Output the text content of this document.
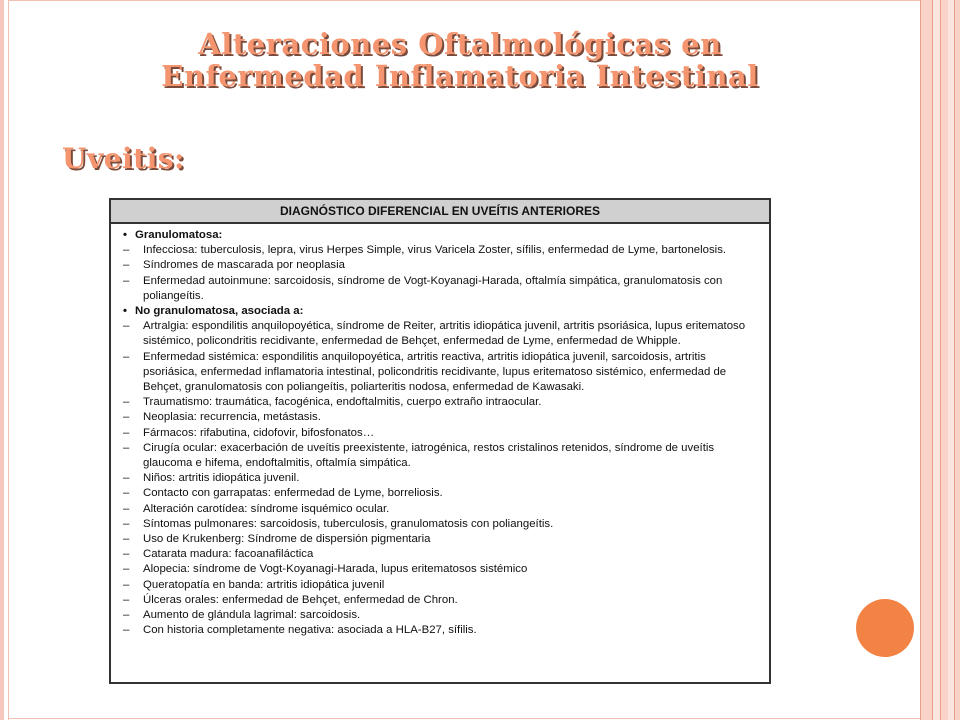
Alteraciones Oftalmológicas en
Enfermedad Inflamatoria Intestinal
Uveitis:
DIAGNÓSTICO DIFERENCIAL EN UVEÍTIS ANTERIORES
• Granulomatosa:
– Infecciosa: tuberculosis, lepra, virus Herpes Simple, virus Varicela Zoster, sífilis, enfermedad de Lyme, bartonelosis.
– Síndromes de mascarada por neoplasia
– Enfermedad autoinmune: sarcoidosis, síndrome de Vogt-Koyanagi-Harada, oftalmía simpática, granulomatosis con poliangeítis.
• No granulomatosa, asociada a:
– Artralgia: espondilitis anquilopoyética, síndrome de Reiter, artritis idiopática juvenil, artritis psoriásica, lupus eritematoso sistémico, policondritis recidivante, enfermedad de Behçet, enfermedad de Lyme, enfermedad de Whipple.
– Enfermedad sistémica: espondilitis anquilopoyética, artritis reactiva, artritis idiopática juvenil, sarcoidosis, artritis psoriásica, enfermedad inflamatoria intestinal, policondritis recidivante, lupus eritematoso sistémico, enfermedad de Behçet, granulomatosis con poliangeítis, poliarteritis nodosa, enfermedad de Kawasaki.
– Traumatismo: traumática, facogénica, endoftalmitis, cuerpo extraño intraocular.
– Neoplasia: recurrencia, metástasis.
– Fármacos: rifabutina, cidofovir, bifosfonatos…
– Cirugía ocular: exacerbación de uveítis preexistente, iatrogénica, restos cristalinos retenidos, síndrome de uveítis glaucoma e hifema, endoftalmitis, oftalmía simpática.
– Niños: artritis idiopática juvenil.
– Contacto con garrapatas: enfermedad de Lyme, borreliosis.
– Alteración carotídea: síndrome isquémico ocular.
– Síntomas pulmonares: sarcoidosis, tuberculosis, granulomatosis con poliangeítis.
– Uso de Krukenberg: Síndrome de dispersión pigmentaria
– Catarata madura: facoanafiláctica
– Alopecia: síndrome de Vogt-Koyanagi-Harada, lupus eritematosos sistémico
– Queratopatía en banda: artritis idiopática juvenil
– Úlceras orales: enfermedad de Behçet, enfermedad de Chron.
– Aumento de glándula lagrimal: sarcoidosis.
– Con historia completamente negativa: asociada a HLA-B27, sífilis.
